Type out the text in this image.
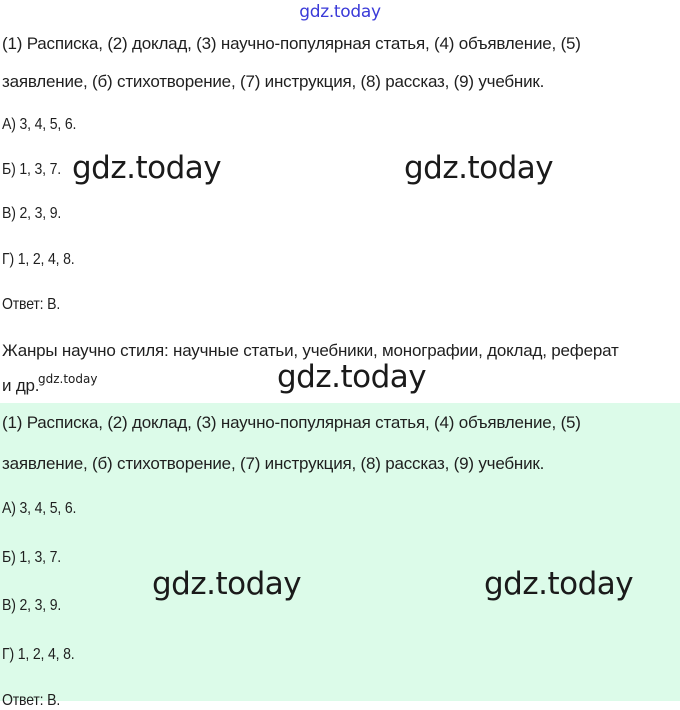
gdz.today
(1) Расписка, (2) доклад, (3) научно-популярная статья, (4) объявление, (5)
заявление, (б) стихотворение, (7) инструкция, (8) рассказ, (9) учебник.
А) 3, 4, 5, 6.
Б) 1, 3, 7.
В) 2, 3, 9.
Г) 1, 2, 4, 8.
Ответ: В.
Жанры научно стиля: научные статьи, учебники, монографии, доклад, реферат
и др.
gdz.today	gdz.today
gdz.today
(1) Расписка, (2) доклад, (3) научно-популярная статья, (4) объявление, (5)
заявление, (б) стихотворение, (7) инструкция, (8) рассказ, (9) учебник.
А) 3, 4, 5, 6.
Б) 1, 3, 7.
В) 2, 3, 9.
Г) 1, 2, 4, 8.
Ответ: В.
gdz.today
gdz.today	gdz.today
